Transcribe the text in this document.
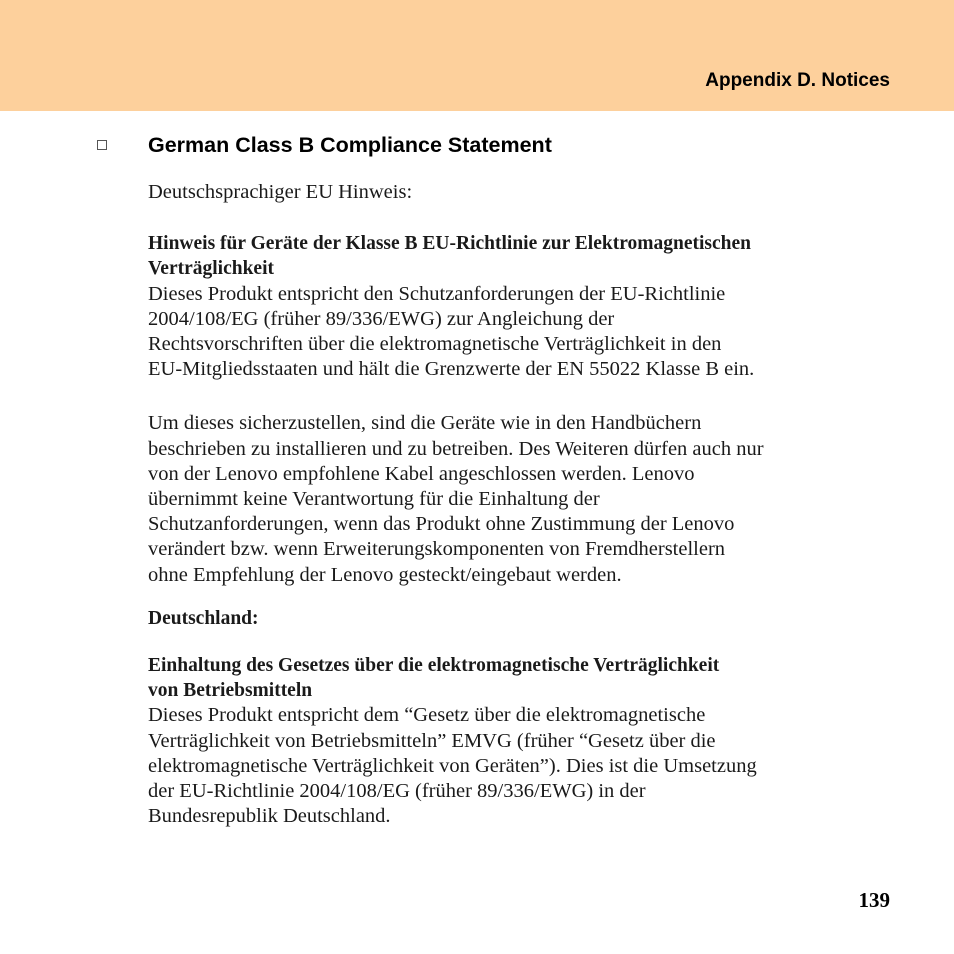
Appendix D. Notices
German Class B Compliance Statement

Deutschsprachiger EU Hinweis:

Hinweis für Geräte der Klasse B EU-Richtlinie zur Elektromagnetischen
Verträglichkeit

Dieses Produkt entspricht den Schutzanforderungen der EU-Richtlinie
2004/108/EG (früher 89/336/EWG) zur Angleichung der
Rechtsvorschriften über die elektromagnetische Verträglichkeit in den
EU-Mitgliedsstaaten und hält die Grenzwerte der EN 55022 Klasse B ein.

Um dieses sicherzustellen, sind die Geräte wie in den Handbüchern
beschrieben zu installieren und zu betreiben. Des Weiteren dürfen auch nur
von der Lenovo empfohlene Kabel angeschlossen werden. Lenovo
übernimmt keine Verantwortung für die Einhaltung der
Schutzanforderungen, wenn das Produkt ohne Zustimmung der Lenovo
verändert bzw. wenn Erweiterungskomponenten von Fremdherstellern
ohne Empfehlung der Lenovo gesteckt/eingebaut werden.

Deutschland:

Einhaltung des Gesetzes über die elektromagnetische Verträglichkeit
von Betriebsmitteln

Dieses Produkt entspricht dem “Gesetz über die elektromagnetische
Verträglichkeit von Betriebsmitteln” EMVG (früher “Gesetz über die
elektromagnetische Verträglichkeit von Geräten”). Dies ist die Umsetzung
der EU-Richtlinie 2004/108/EG (früher 89/336/EWG) in der
Bundesrepublik Deutschland.

139
